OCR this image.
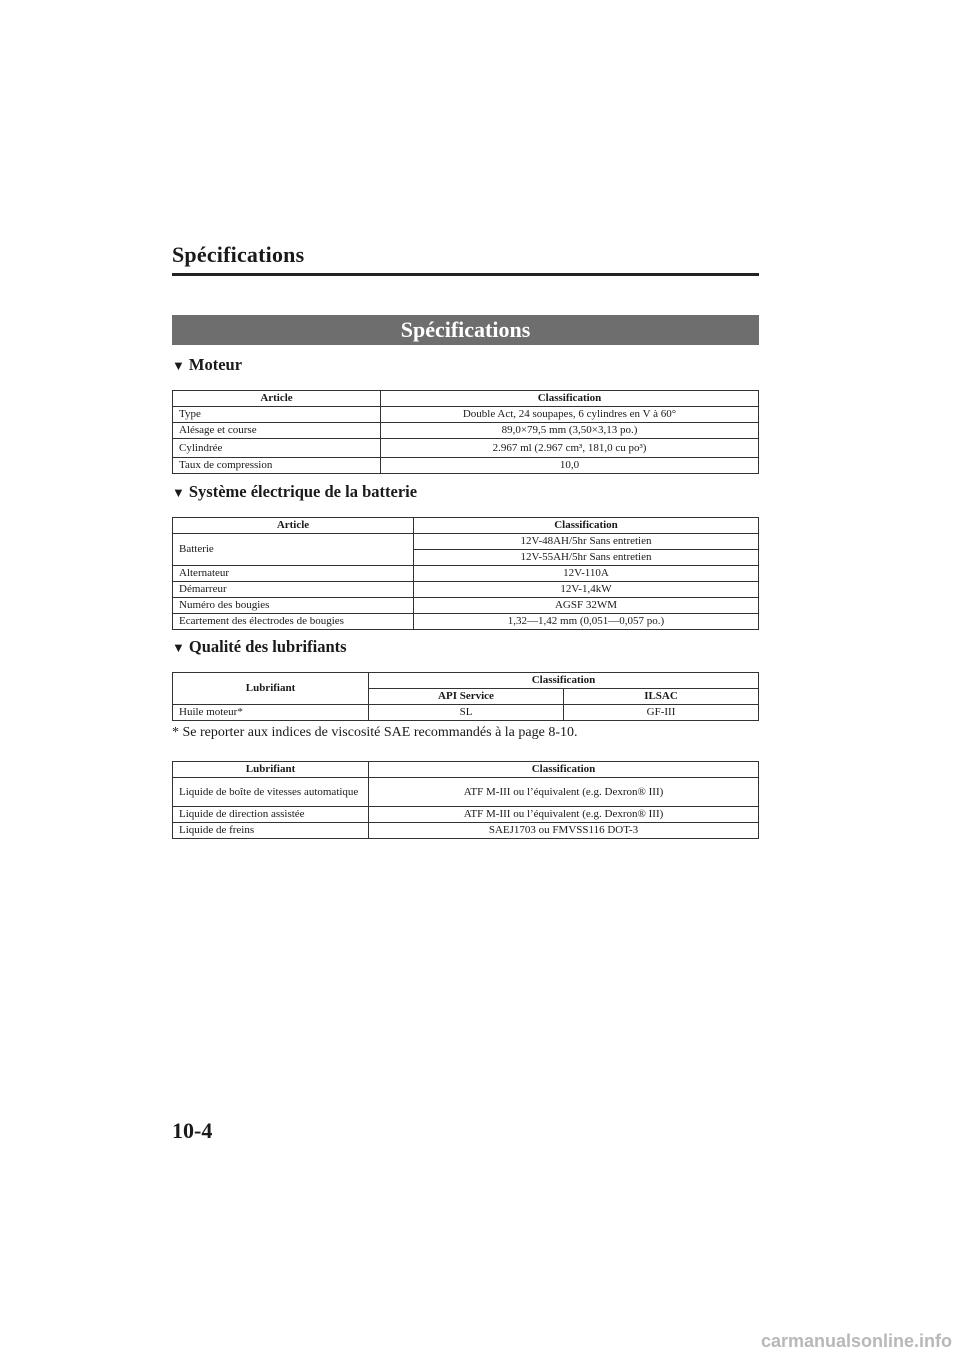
Spécifications
Spécifications
▼ Moteur
Article	Classification
Type	Double Act, 24 soupapes, 6 cylindres en V à 60°
Alésage et course	89,0×79,5 mm (3,50×3,13 po.)
Cylindrée	2.967 ml (2.967 cm³, 181,0 cu po³)
Taux de compression	10,0
▼ Système électrique de la batterie
Article	Classification
Batterie	12V-48AH/5hr Sans entretien
	12V-55AH/5hr Sans entretien
Alternateur	12V-110A
Démarreur	12V-1,4kW
Numéro des bougies	AGSF 32WM
Ecartement des électrodes de bougies	1,32—1,42 mm (0,051—0,057 po.)
▼ Qualité des lubrifiants
Lubrifiant	Classification	
	API Service	ILSAC
Huile moteur*	SL	GF-III
* Se reporter aux indices de viscosité SAE recommandés à la page 8-10.
Lubrifiant	Classification
Liquide de boîte de vitesses automatique	ATF M-III ou l’équivalent (e.g. Dexron® III)
Liquide de direction assistée	ATF M-III ou l’équivalent (e.g. Dexron® III)
Liquide de freins	SAEJ1703 ou FMVSS116 DOT-3
10-4
carmanualsonline.info
